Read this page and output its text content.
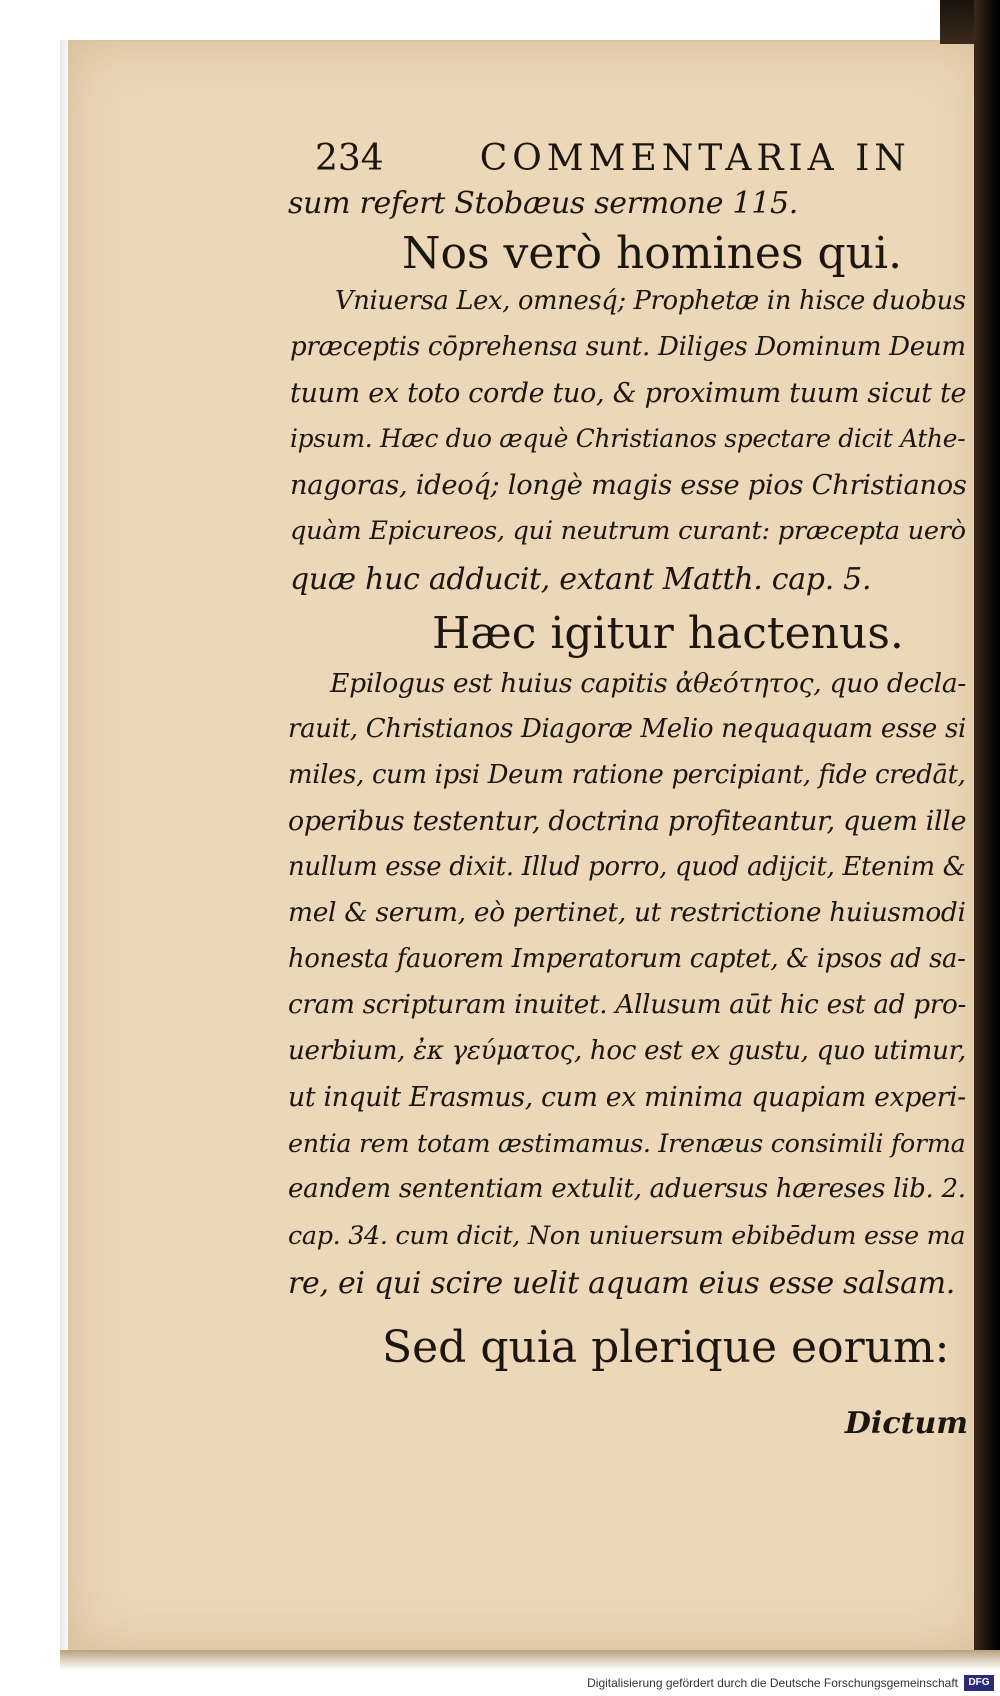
234	COMMENTARIA IN
sum refert Stobæus sermone 115.
Nos verò homines qui.
Vniuersa Lex, omnesq́; Prophetæ in hisce duobus
præceptis cōprehensa sunt. Diliges Dominum Deum
tuum ex toto corde tuo, & proximum tuum sicut te
ipsum. Hæc duo æquè Christianos spectare dicit Athe-
nagoras, ideoq́; longè magis esse pios Christianos
quàm Epicureos, qui neutrum curant: præcepta uerò
quæ huc adducit, extant Matth. cap. 5.
Hæc igitur hactenus.
Epilogus est huius capitis ἀθεότητος, quo decla-
rauit, Christianos Diagoræ Melio nequaquam esse si
miles, cum ipsi Deum ratione percipiant, fide credāt,
operibus testentur, doctrina profiteantur, quem ille
nullum esse dixit. Illud porro, quod adijcit, Etenim &
mel & serum, eò pertinet, ut restrictione huiusmodi
honesta fauorem Imperatorum captet, & ipsos ad sa-
cram scripturam inuitet. Allusum aūt hic est ad pro-
uerbium, ἐκ γεύματος, hoc est ex gustu, quo utimur,
ut inquit Erasmus, cum ex minima quapiam experi-
entia rem totam æstimamus. Irenæus consimili forma
eandem sententiam extulit, aduersus hæreses lib. 2.
cap. 34. cum dicit, Non uniuersum ebibēdum esse ma
re, ei qui scire uelit aquam eius esse salsam.
Sed quia plerique eorum:
Dictum
Digitalisierung gefördert durch die Deutsche Forschungsgemeinschaft	DFG
